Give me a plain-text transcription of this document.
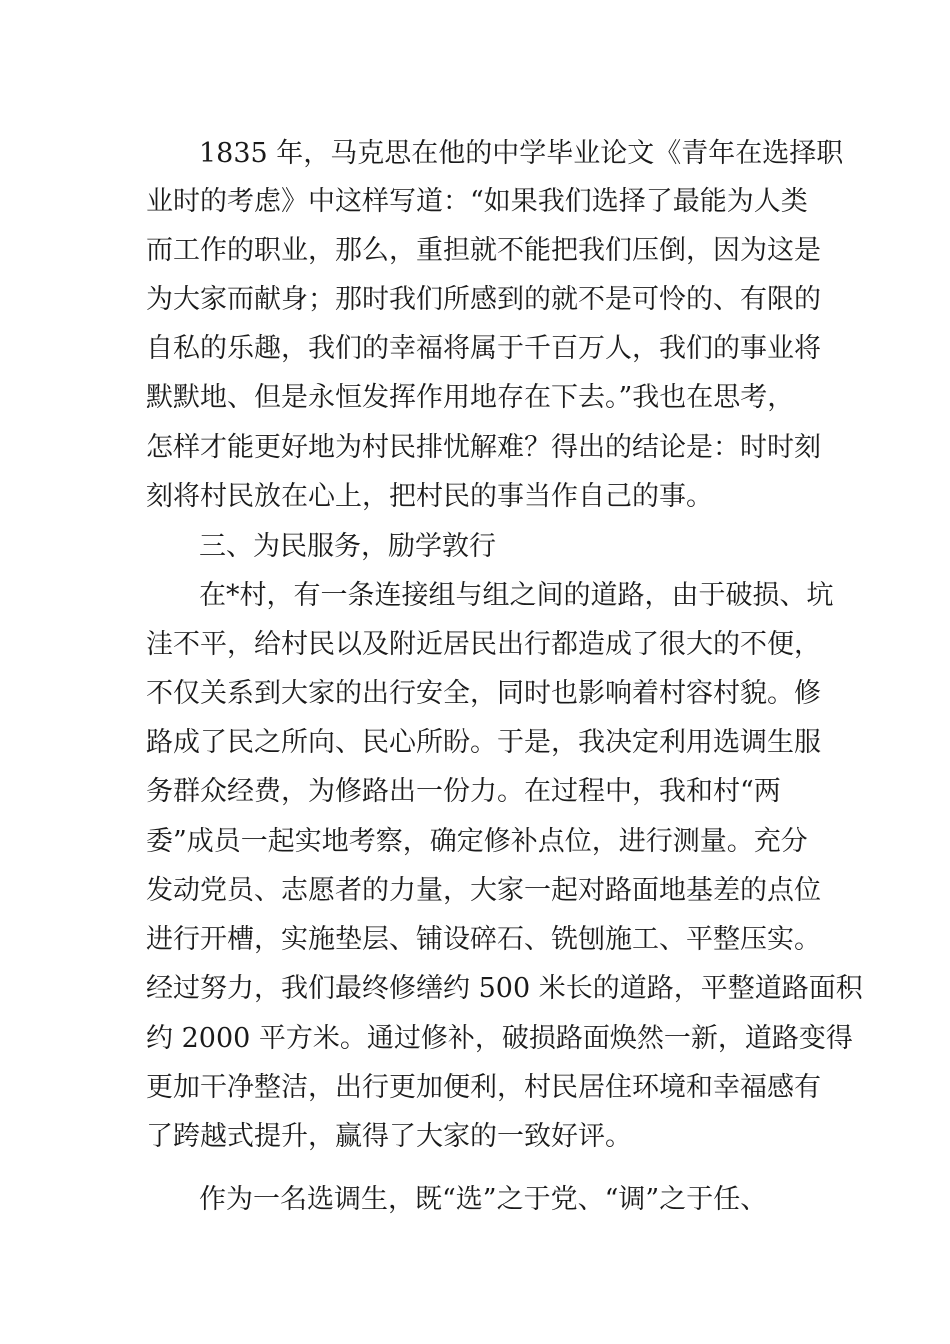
1835 年，马克思在他的中学毕业论文《青年在选择职
业时的考虑》中这样写道：“如果我们选择了最能为人类
而工作的职业，那么，重担就不能把我们压倒，因为这是
为大家而献身；那时我们所感到的就不是可怜的、有限的
自私的乐趣，我们的幸福将属于千百万人，我们的事业将
默默地、但是永恒发挥作用地存在下去。”我也在思考，
怎样才能更好地为村民排忧解难？得出的结论是：时时刻
刻将村民放在心上，把村民的事当作自己的事。
三、为民服务，励学敦行
在*村，有一条连接组与组之间的道路，由于破损、坑
洼不平，给村民以及附近居民出行都造成了很大的不便，
不仅关系到大家的出行安全，同时也影响着村容村貌。修
路成了民之所向、民心所盼。于是，我决定利用选调生服
务群众经费，为修路出一份力。在过程中，我和村“两
委”成员一起实地考察，确定修补点位，进行测量。充分
发动党员、志愿者的力量，大家一起对路面地基差的点位
进行开槽，实施垫层、铺设碎石、铣刨施工、平整压实。
经过努力，我们最终修缮约 500 米长的道路，平整道路面积
约 2000 平方米。通过修补，破损路面焕然一新，道路变得
更加干净整洁，出行更加便利，村民居住环境和幸福感有
了跨越式提升，赢得了大家的一致好评。
作为一名选调生，既“选”之于党、“调”之于任、
